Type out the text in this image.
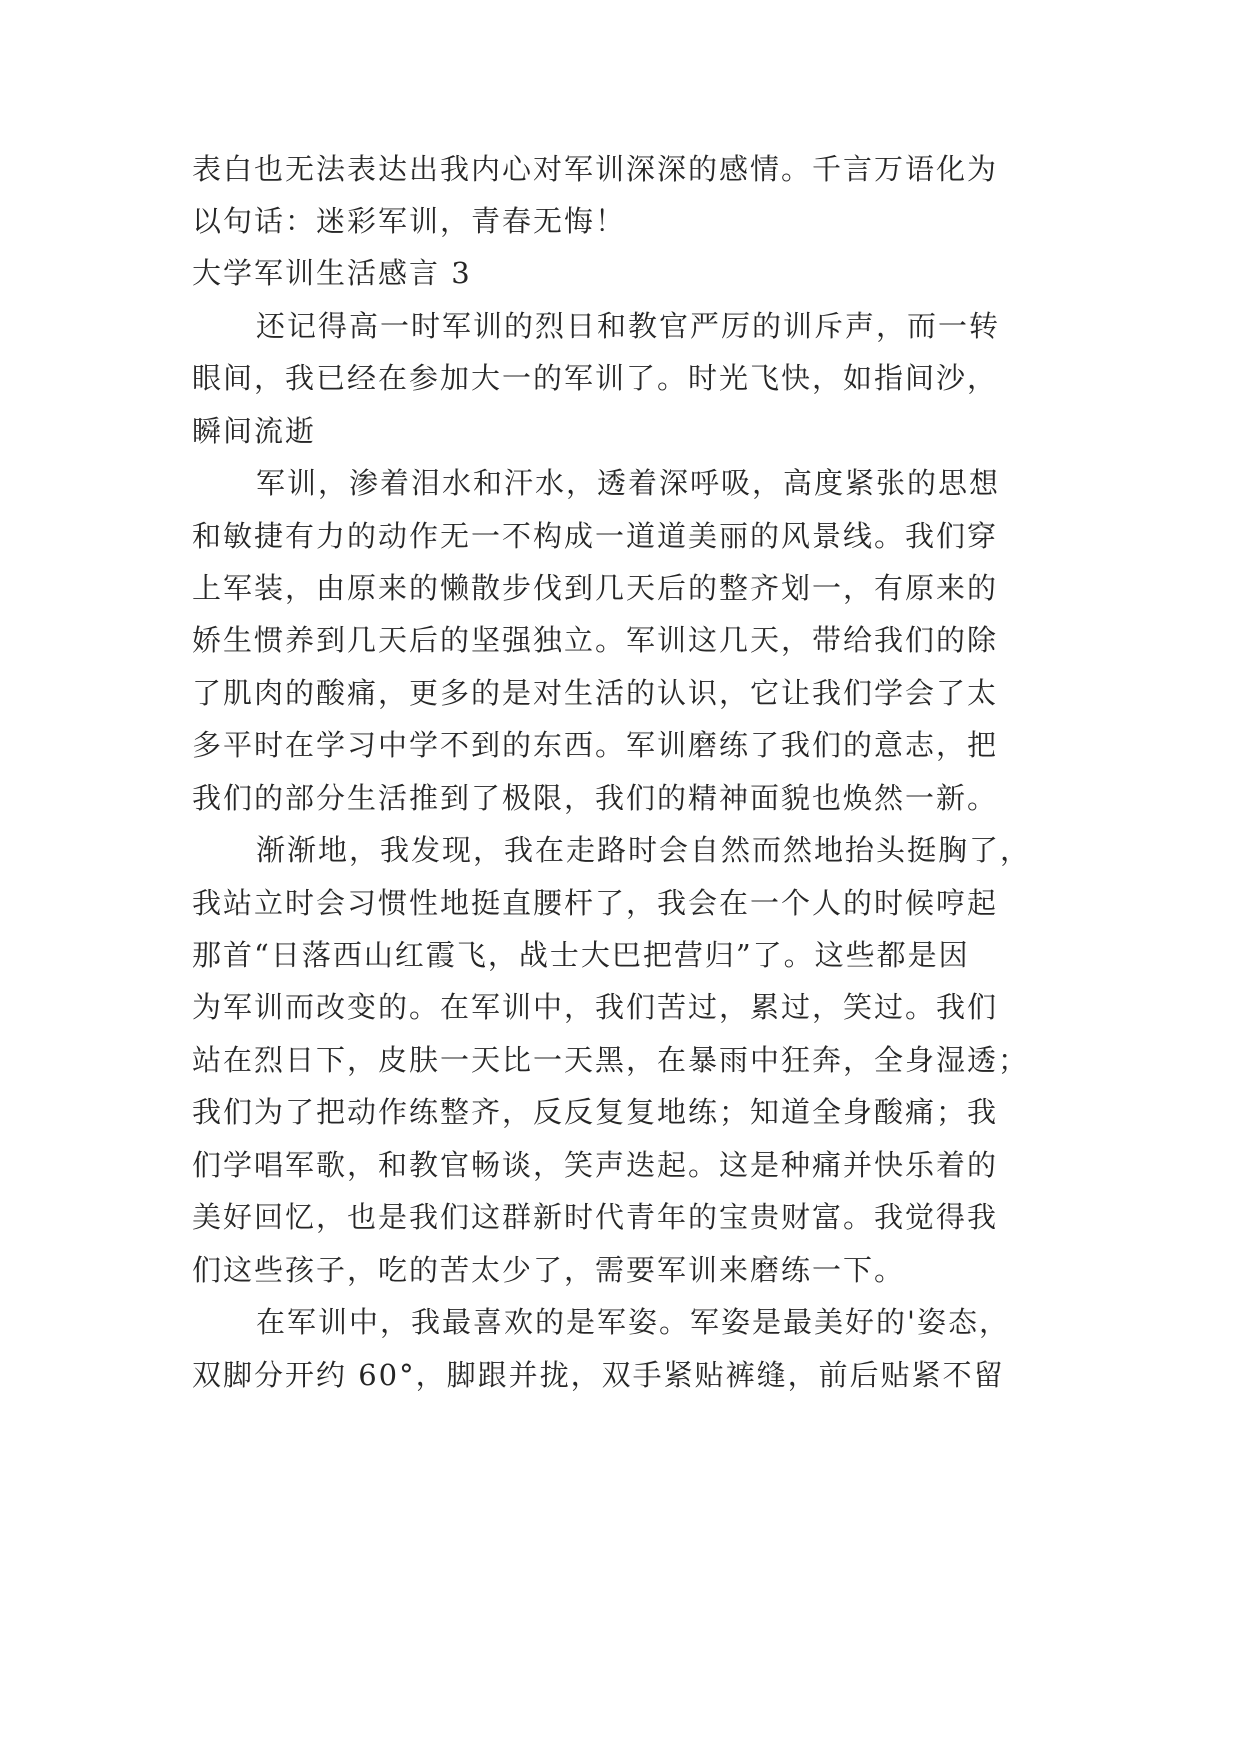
表白也无法表达出我内心对军训深深的感情。千言万语化为
以句话：迷彩军训，青春无悔！
大学军训生活感言 3
还记得高一时军训的烈日和教官严厉的训斥声，而一转
眼间，我已经在参加大一的军训了。时光飞快，如指间沙，
瞬间流逝
军训，渗着泪水和汗水，透着深呼吸，高度紧张的思想
和敏捷有力的动作无一不构成一道道美丽的风景线。我们穿
上军装，由原来的懒散步伐到几天后的整齐划一，有原来的
娇生惯养到几天后的坚强独立。军训这几天，带给我们的除
了肌肉的酸痛，更多的是对生活的认识，它让我们学会了太
多平时在学习中学不到的东西。军训磨练了我们的意志，把
我们的部分生活推到了极限，我们的精神面貌也焕然一新。
渐渐地，我发现，我在走路时会自然而然地抬头挺胸了，
我站立时会习惯性地挺直腰杆了，我会在一个人的时候哼起
那首“日落西山红霞飞，战士大巴把营归”了。这些都是因
为军训而改变的。在军训中，我们苦过，累过，笑过。我们
站在烈日下，皮肤一天比一天黑，在暴雨中狂奔，全身湿透；
我们为了把动作练整齐，反反复复地练；知道全身酸痛；我
们学唱军歌，和教官畅谈，笑声迭起。这是种痛并快乐着的
美好回忆，也是我们这群新时代青年的宝贵财富。我觉得我
们这些孩子，吃的苦太少了，需要军训来磨练一下。
在军训中，我最喜欢的是军姿。军姿是最美好的'姿态，
双脚分开约 60°，脚跟并拢，双手紧贴裤缝，前后贴紧不留
